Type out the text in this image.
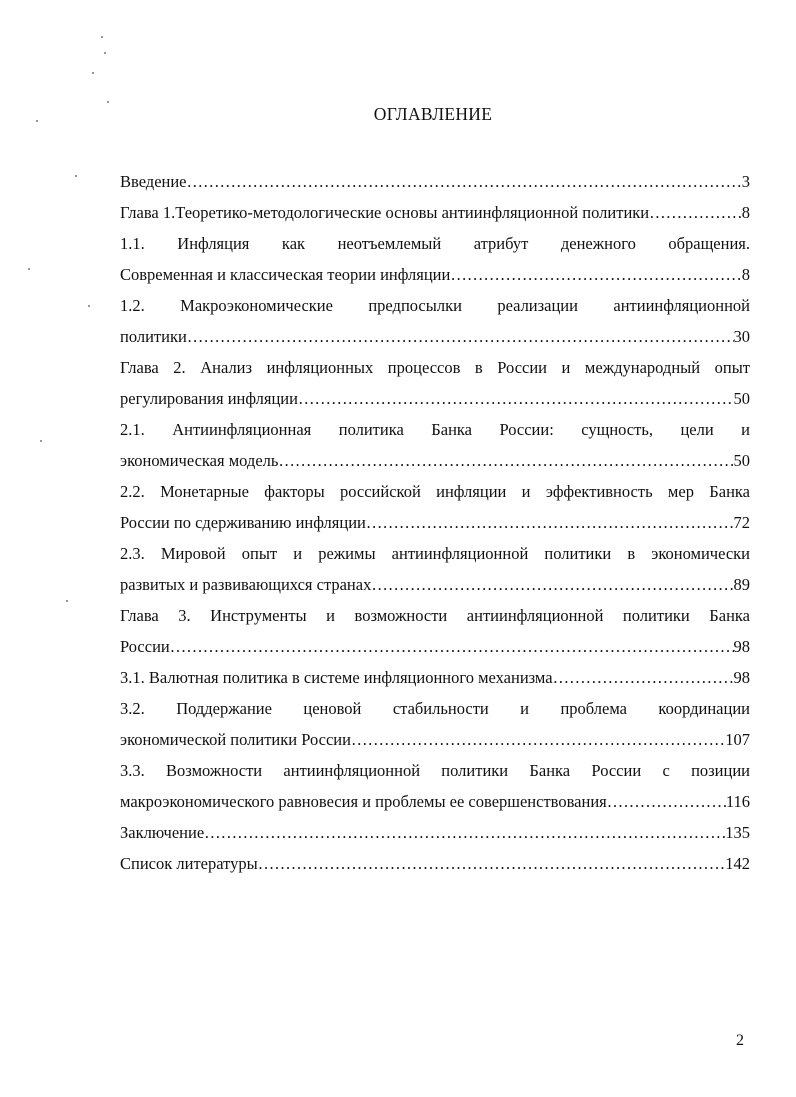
ОГЛАВЛЕНИЕ
Введение ………………………………………………………………………………………………………………………………………………	3
Глава 1.Теоретико-методологические основы антиинфляционной политики ………………………………………………………………………………………………………………………………………………	8
1.1. Инфляция как неотъемлемый атрибут денежного обращения.
Современная и классическая теории инфляции ………………………………………………………………………………………………………………………………………………	8
1.2. Макроэкономические предпосылки реализации антиинфляционной
политики ………………………………………………………………………………………………………………………………………………	30
Глава 2. Анализ инфляционных процессов в России и международный опыт
регулирования инфляции ………………………………………………………………………………………………………………………………………………	50
2.1. Антиинфляционная политика Банка России: сущность, цели и
экономическая модель ………………………………………………………………………………………………………………………………………………	50
2.2. Монетарные факторы российской инфляции и эффективность мер Банка
России по сдерживанию инфляции ………………………………………………………………………………………………………………………………………………	72
2.3. Мировой опыт и режимы антиинфляционной политики в экономически
развитых и развивающихся странах ………………………………………………………………………………………………………………………………………………	89
Глава 3. Инструменты и возможности антиинфляционной политики Банка
России ………………………………………………………………………………………………………………………………………………	98
3.1. Валютная политика в системе инфляционного механизма ………………………………………………………………………………………………………………………………………………	98
3.2. Поддержание ценовой стабильности и проблема координации
экономической политики России ………………………………………………………………………………………………………………………………………………	107
3.3. Возможности антиинфляционной политики Банка России с позиции
макроэкономического равновесия и проблемы ее совершенствования ………………………………………………………………………………………………………………………………………………	116
Заключение ………………………………………………………………………………………………………………………………………………	135
Список литературы ………………………………………………………………………………………………………………………………………………	142
2
